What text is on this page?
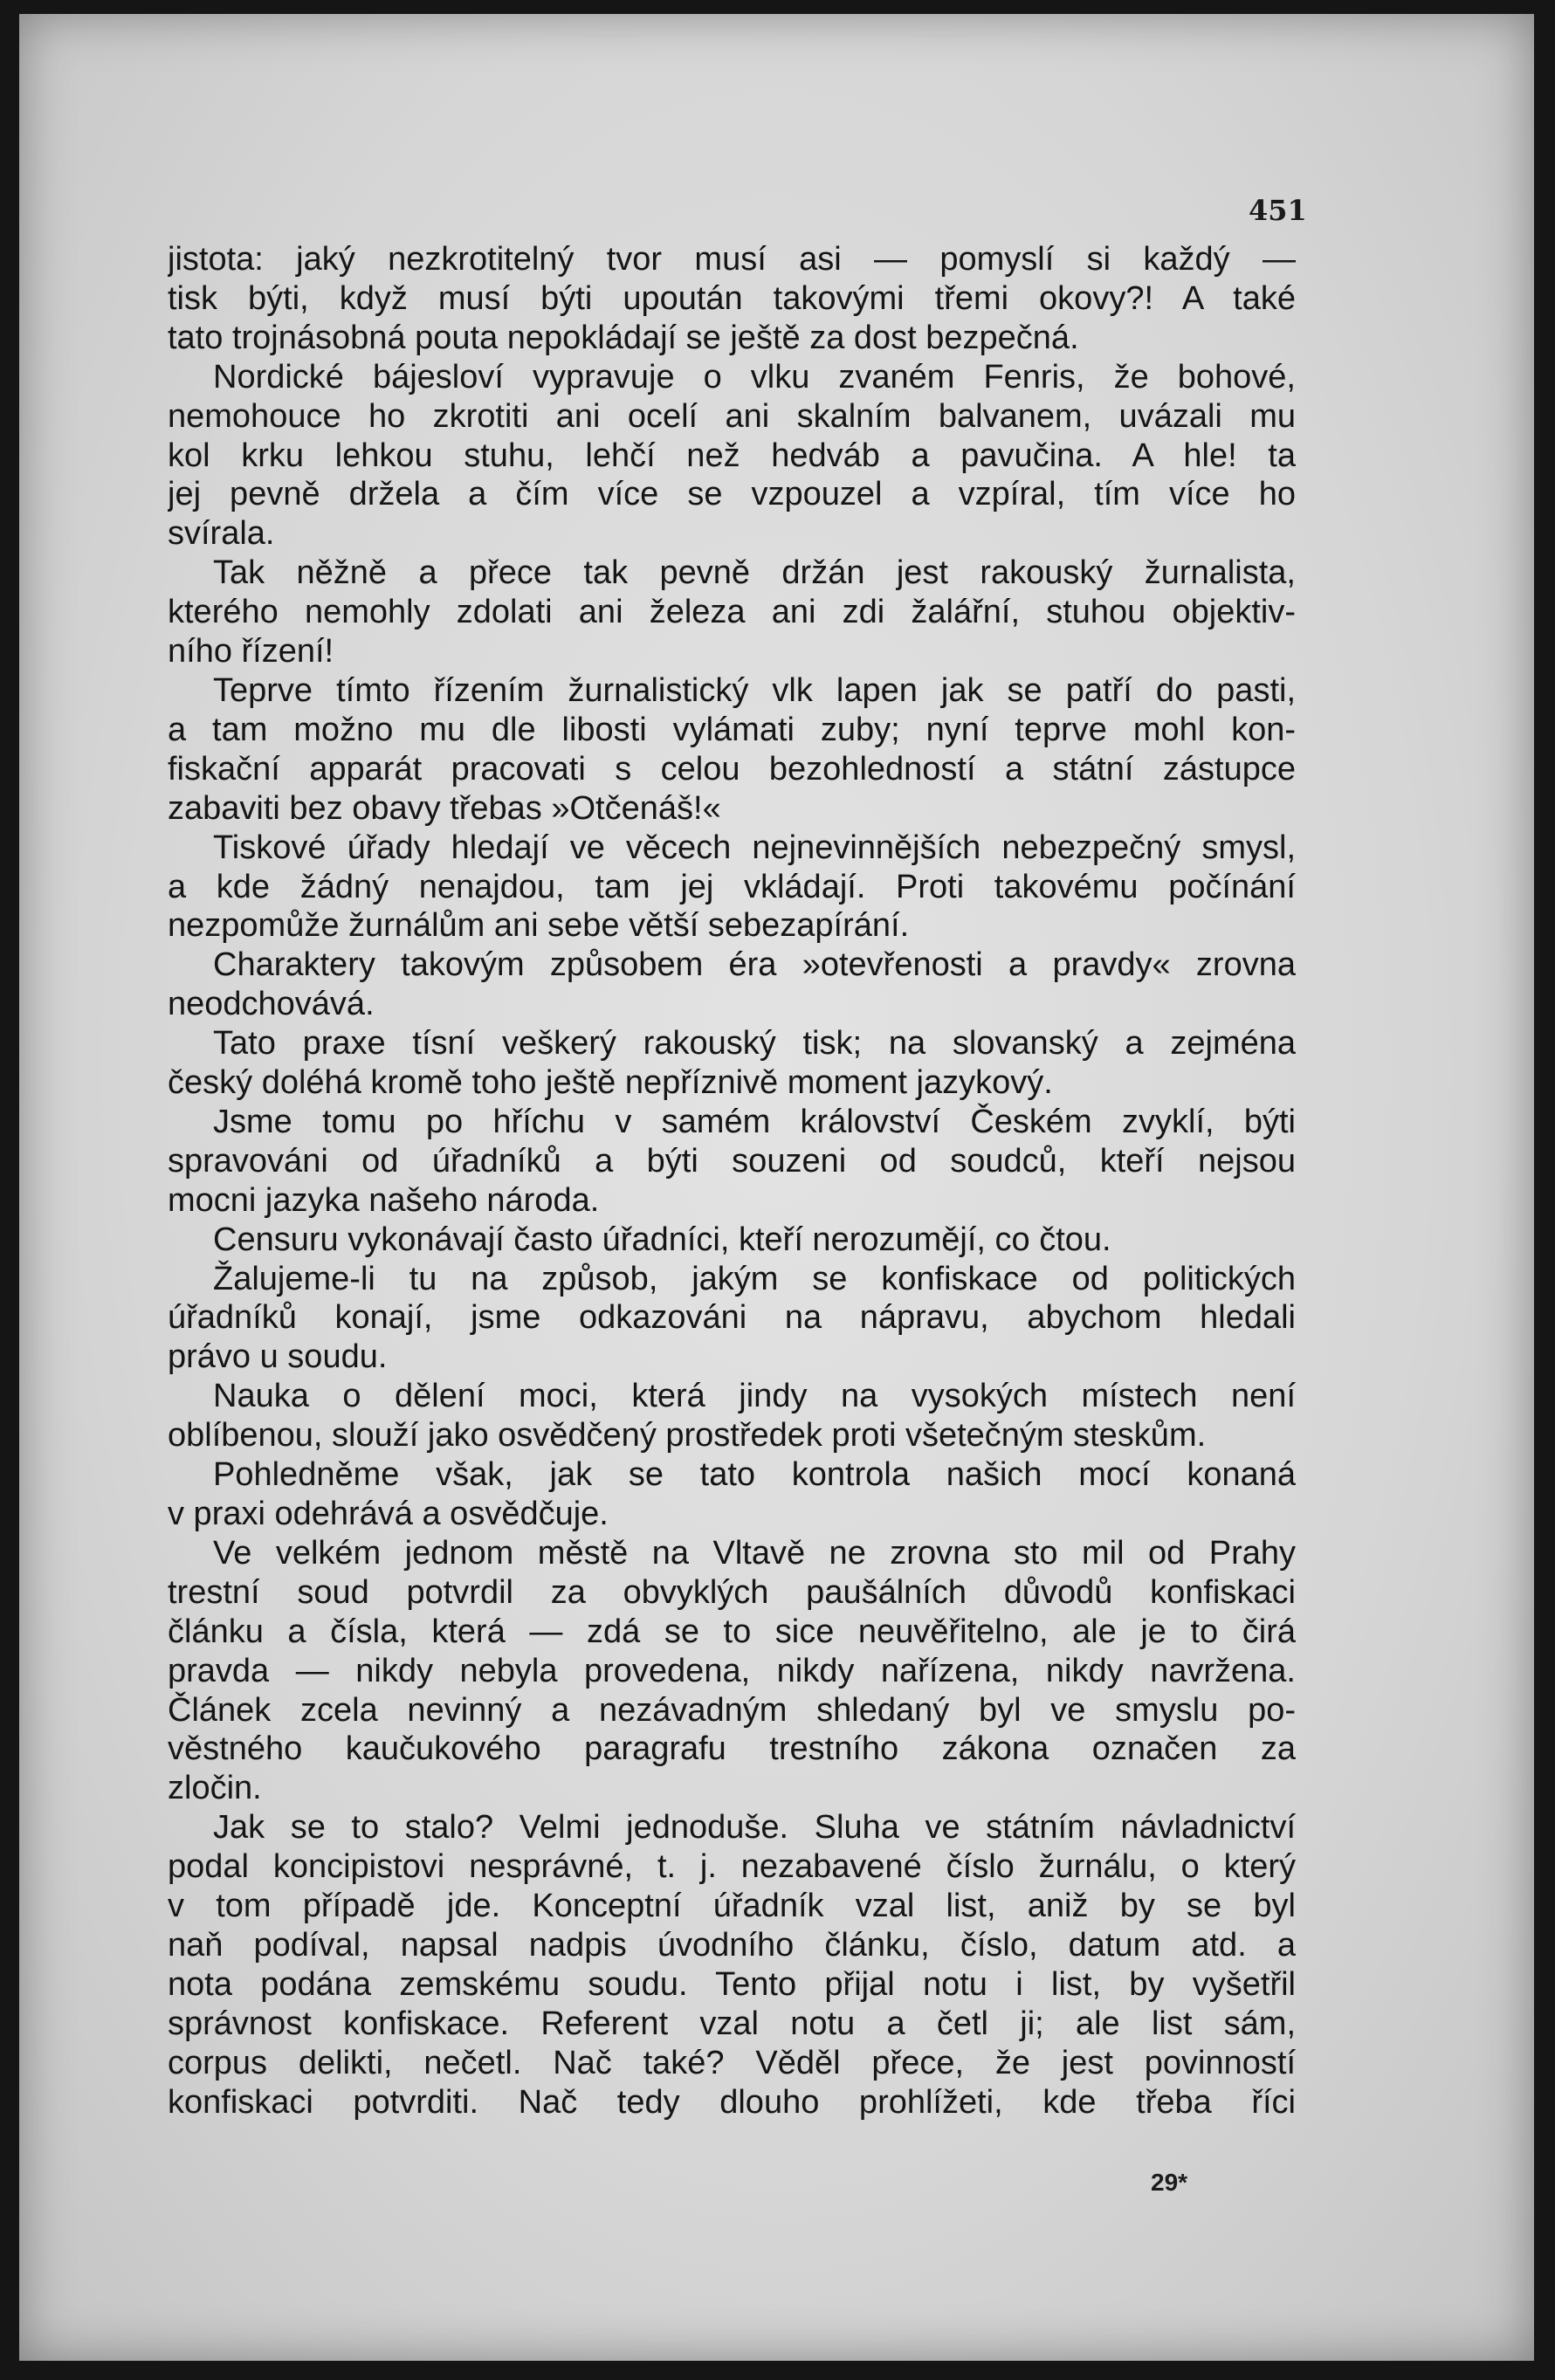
451
jistota: jaký nezkrotitelný tvor musí asi — pomyslí si každý —
tisk býti, když musí býti upoután takovými třemi okovy?! A také
tato trojnásobná pouta nepokládají se ještě za dost bezpečná.
Nordické bájesloví vypravuje o vlku zvaném Fenris, že bohové,
nemohouce ho zkrotiti ani ocelí ani skalním balvanem, uvázali mu
kol krku lehkou stuhu, lehčí než hedváb a pavučina. A hle! ta
jej pevně držela a čím více se vzpouzel a vzpíral, tím více ho
svírala.
Tak něžně a přece tak pevně držán jest rakouský žurnalista,
kterého nemohly zdolati ani železa ani zdi žalářní, stuhou objektiv-
ního řízení!
Teprve tímto řízením žurnalistický vlk lapen jak se patří do pasti,
a tam možno mu dle libosti vylámati zuby; nyní teprve mohl kon-
fiskační apparát pracovati s celou bezohledností a státní zástupce
zabaviti bez obavy třebas »Otčenáš!«
Tiskové úřady hledají ve věcech nejnevinnějších nebezpečný smysl,
a kde žádný nenajdou, tam jej vkládají. Proti takovému počínání
nezpomůže žurnálům ani sebe větší sebezapírání.
Charaktery takovým způsobem éra »otevřenosti a pravdy« zrovna
neodchovává.
Tato praxe tísní veškerý rakouský tisk; na slovanský a zejména
český doléhá kromě toho ještě nepříznivě moment jazykový.
Jsme tomu po hříchu v samém království Českém zvyklí, býti
spravováni od úřadníků a býti souzeni od soudců, kteří nejsou
mocni jazyka našeho národa.
Censuru vykonávají často úřadníci, kteří nerozumějí, co čtou.
Žalujeme-li tu na způsob, jakým se konfiskace od politických
úřadníků konají, jsme odkazováni na nápravu, abychom hledali
právo u soudu.
Nauka o dělení moci, která jindy na vysokých místech není
oblíbenou, slouží jako osvědčený prostředek proti všetečným steskům.
Pohledněme však, jak se tato kontrola našich mocí konaná
v praxi odehrává a osvědčuje.
Ve velkém jednom městě na Vltavě ne zrovna sto mil od Prahy
trestní soud potvrdil za obvyklých paušálních důvodů konfiskaci
článku a čísla, která — zdá se to sice neuvěřitelno, ale je to čirá
pravda — nikdy nebyla provedena, nikdy nařízena, nikdy navržena.
Článek zcela nevinný a nezávadným shledaný byl ve smyslu po-
věstného kaučukového paragrafu trestního zákona označen za
zločin.
Jak se to stalo? Velmi jednoduše. Sluha ve státním návladnictví
podal koncipistovi nesprávné, t. j. nezabavené číslo žurnálu, o který
v tom případě jde. Konceptní úřadník vzal list, aniž by se byl
naň podíval, napsal nadpis úvodního článku, číslo, datum atd. a
nota podána zemskému soudu. Tento přijal notu i list, by vyšetřil
správnost konfiskace. Referent vzal notu a četl ji; ale list sám,
corpus delikti, nečetl. Nač také? Věděl přece, že jest povinností
konfiskaci potvrditi. Nač tedy dlouho prohlížeti, kde třeba říci
29*
